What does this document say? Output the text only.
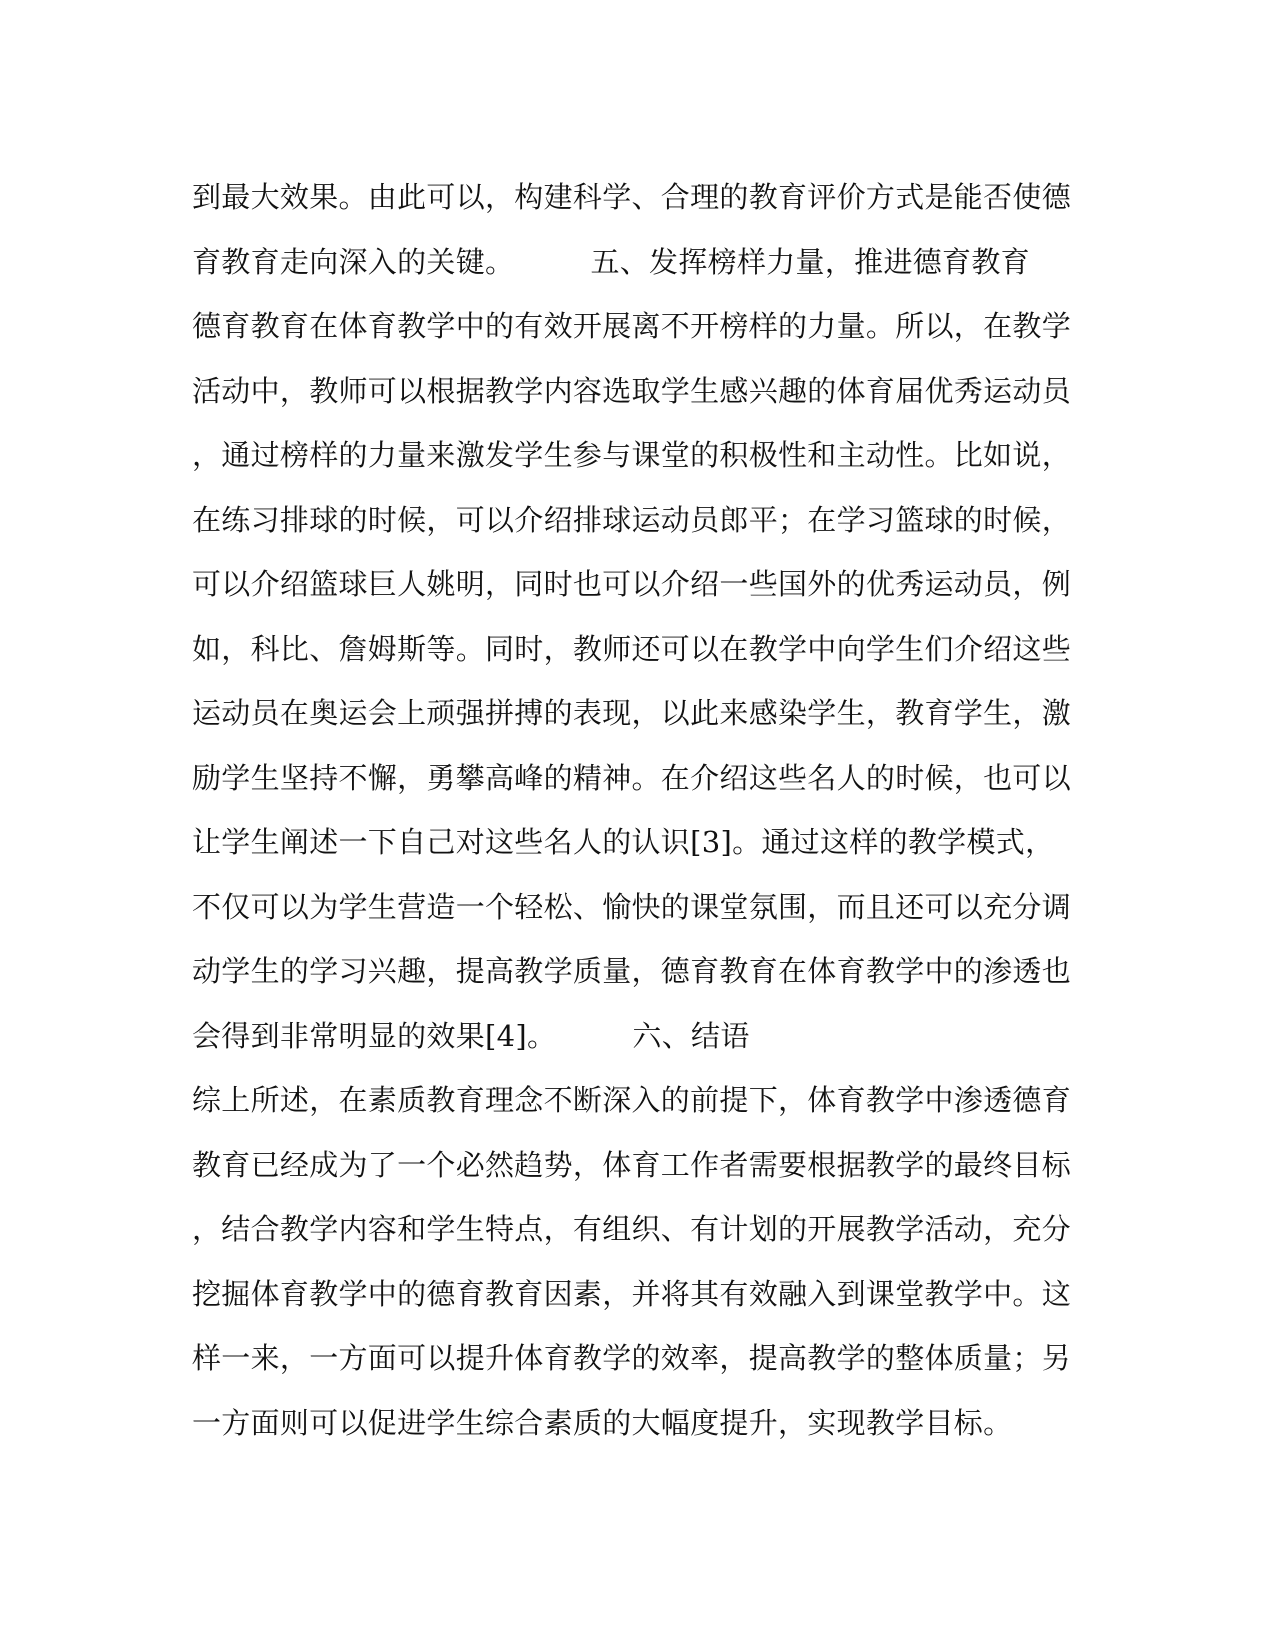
到最大效果。由此可以，构建科学、合理的教育评价方式是能否使德
育教育走向深入的关键。        五、发挥榜样力量，推进德育教育
德育教育在体育教学中的有效开展离不开榜样的力量。所以，在教学
活动中，教师可以根据教学内容选取学生感兴趣的体育届优秀运动员
，通过榜样的力量来激发学生参与课堂的积极性和主动性。比如说，
在练习排球的时候，可以介绍排球运动员郎平；在学习篮球的时候，
可以介绍篮球巨人姚明，同时也可以介绍一些国外的优秀运动员，例
如，科比、詹姆斯等。同时，教师还可以在教学中向学生们介绍这些
运动员在奥运会上顽强拼搏的表现，以此来感染学生，教育学生，激
励学生坚持不懈，勇攀高峰的精神。在介绍这些名人的时候，也可以
让学生阐述一下自己对这些名人的认识[3]。通过这样的教学模式，
不仅可以为学生营造一个轻松、愉快的课堂氛围，而且还可以充分调
动学生的学习兴趣，提高教学质量，德育教育在体育教学中的渗透也
会得到非常明显的效果[4]。        六、结语
综上所述，在素质教育理念不断深入的前提下，体育教学中渗透德育
教育已经成为了一个必然趋势，体育工作者需要根据教学的最终目标
，结合教学内容和学生特点，有组织、有计划的开展教学活动，充分
挖掘体育教学中的德育教育因素，并将其有效融入到课堂教学中。这
样一来，一方面可以提升体育教学的效率，提高教学的整体质量；另
一方面则可以促进学生综合素质的大幅度提升，实现教学目标。
